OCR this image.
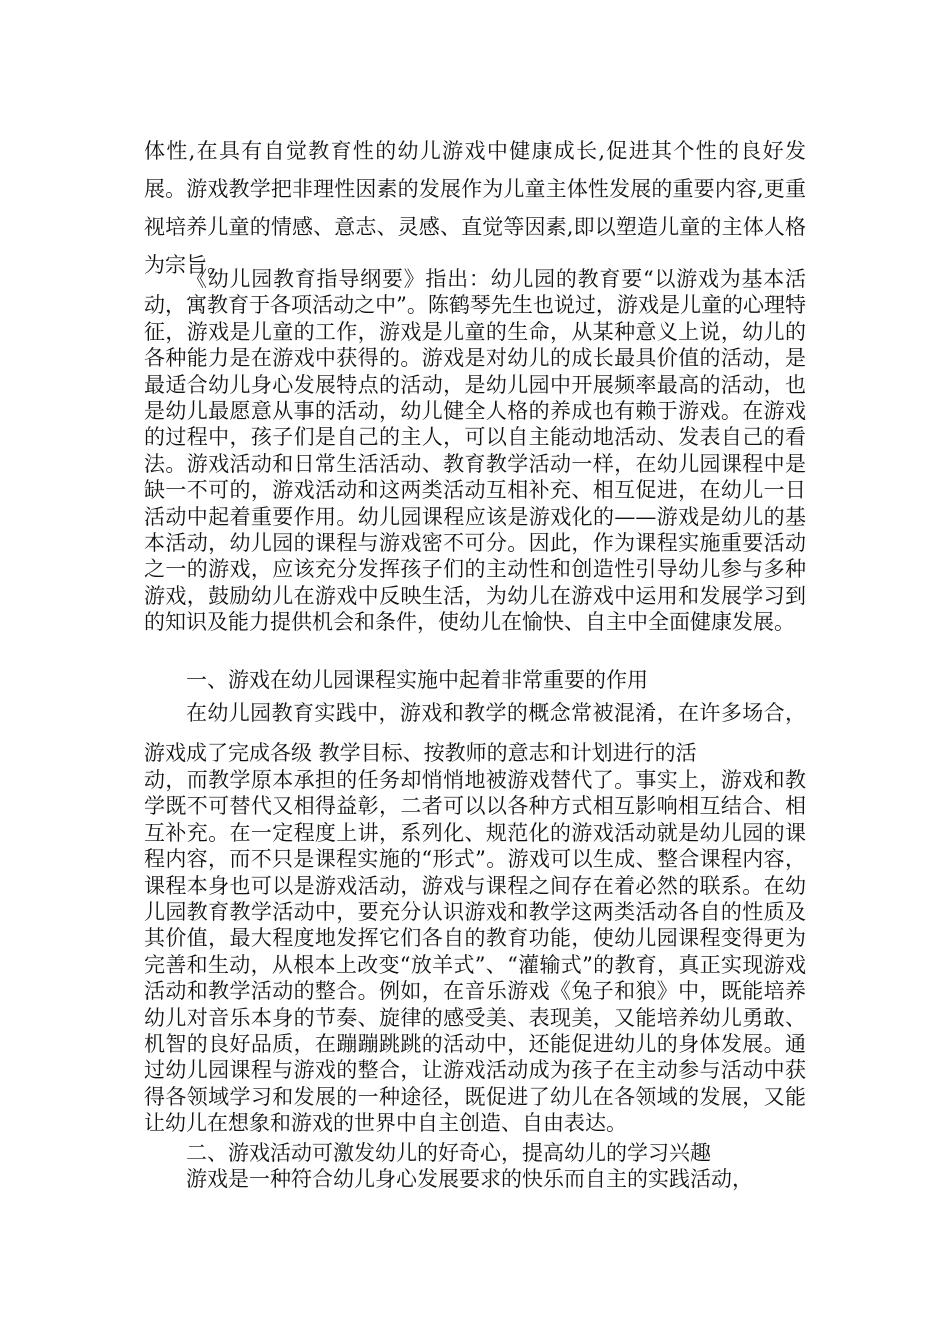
体性,在具有自觉教育性的幼儿游戏中健康成长,促进其个性的良好发展。游戏教学把非理性因素的发展作为儿童主体性发展的重要内容,更重视培养儿童的情感、意志、灵感、直觉等因素,即以塑造儿童的主体人格为宗旨。

《幼儿园教育指导纲要》指出：幼儿园的教育要“以游戏为基本活动，寓教育于各项活动之中”。陈鹤琴先生也说过，游戏是儿童的心理特征，游戏是儿童的工作，游戏是儿童的生命，从某种意义上说，幼儿的各种能力是在游戏中获得的。游戏是对幼儿的成长最具价值的活动，是最适合幼儿身心发展特点的活动，是幼儿园中开展频率最高的活动，也是幼儿最愿意从事的活动，幼儿健全人格的养成也有赖于游戏。在游戏的过程中，孩子们是自己的主人，可以自主能动地活动、发表自己的看法。游戏活动和日常生活活动、教育教学活动一样，在幼儿园课程中是缺一不可的，游戏活动和这两类活动互相补充、相互促进，在幼儿一日活动中起着重要作用。幼儿园课程应该是游戏化的——游戏是幼儿的基本活动，幼儿园的课程与游戏密不可分。因此，作为课程实施重要活动之一的游戏，应该充分发挥孩子们的主动性和创造性引导幼儿参与多种游戏，鼓励幼儿在游戏中反映生活，为幼儿在游戏中运用和发展学习到的知识及能力提供机会和条件，使幼儿在愉快、自主中全面健康发展。

一、游戏在幼儿园课程实施中起着非常重要的作用

在幼儿园教育实践中，游戏和教学的概念常被混淆，在许多场合，游戏成了完成各级 教学目标、按教师的意志和计划进行的活

动，而教学原本承担的任务却悄悄地被游戏替代了。事实上，游戏和教学既不可替代又相得益彰，二者可以以各种方式相互影响相互结合、相互补充。在一定程度上讲，系列化、规范化的游戏活动就是幼儿园的课程内容，而不只是课程实施的“形式”。游戏可以生成、整合课程内容，课程本身也可以是游戏活动，游戏与课程之间存在着必然的联系。在幼儿园教育教学活动中，要充分认识游戏和教学这两类活动各自的性质及其价值，最大程度地发挥它们各自的教育功能，使幼儿园课程变得更为完善和生动，从根本上改变“放羊式”、“灌输式”的教育，真正实现游戏活动和教学活动的整合。例如，在音乐游戏《兔子和狼》中，既能培养幼儿对音乐本身的节奏、旋律的感受美、表现美，又能培养幼儿勇敢、机智的良好品质，在蹦蹦跳跳的活动中，还能促进幼儿的身体发展。通过幼儿园课程与游戏的整合，让游戏活动成为孩子在主动参与活动中获得各领域学习和发展的一种途径，既促进了幼儿在各领域的发展，又能让幼儿在想象和游戏的世界中自主创造、自由表达。

二、游戏活动可激发幼儿的好奇心，提高幼儿的学习兴趣

游戏是一种符合幼儿身心发展要求的快乐而自主的实践活动，
